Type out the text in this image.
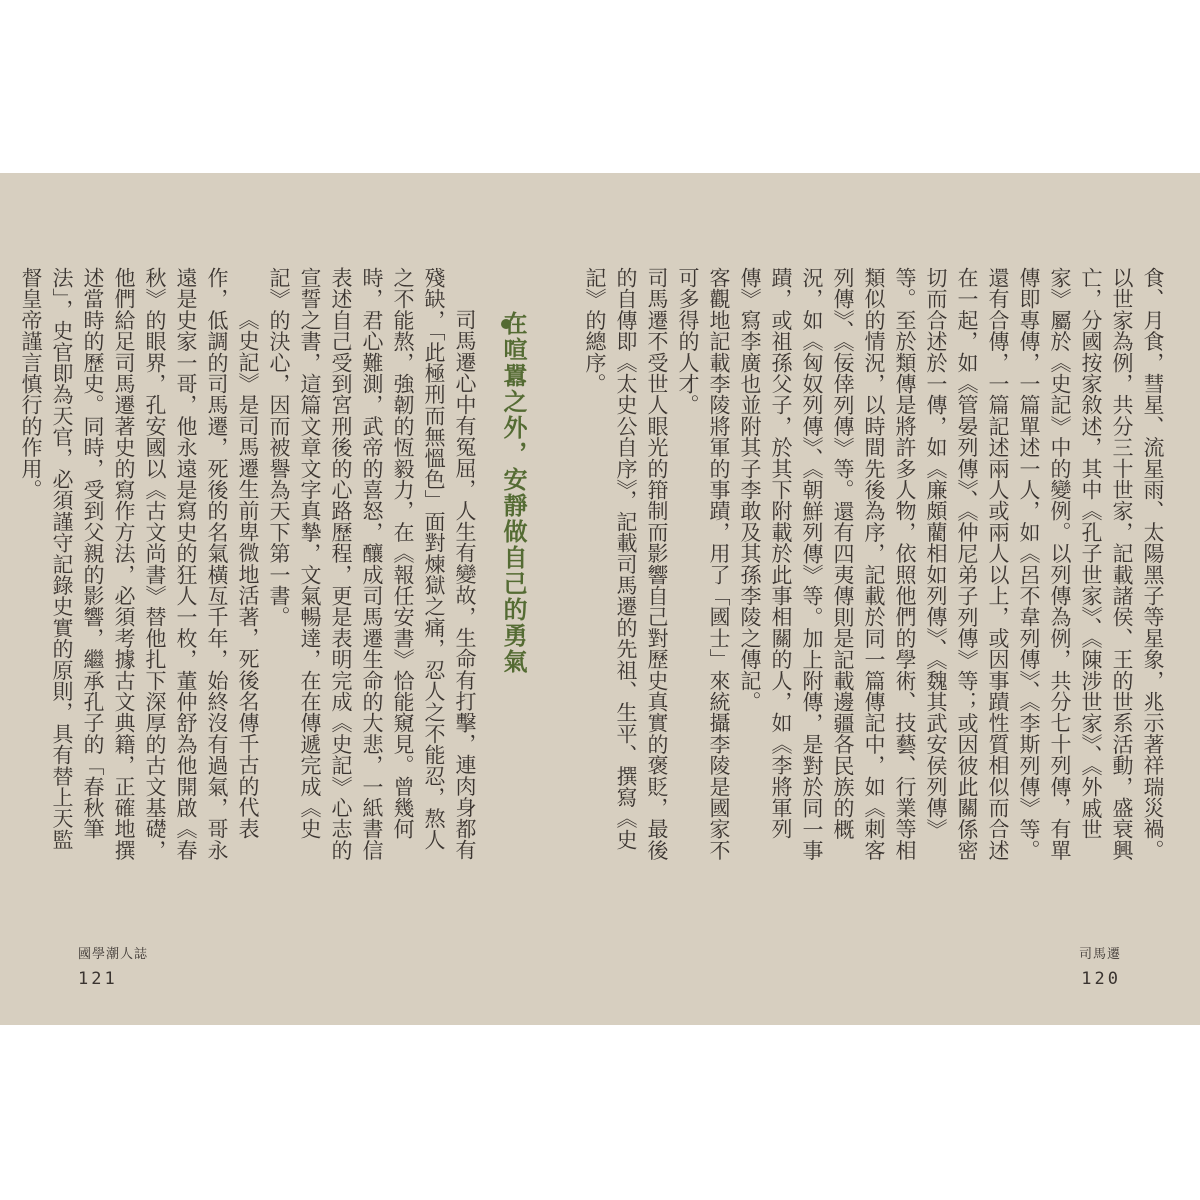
在喧囂之外，安靜做自己的勇氣

司馬遷心中有冤屈，人生有變故，生命有打擊，連肉身都有殘缺，「此極刑而無慍色」面對煉獄之痛，忍人之不能忍，熬人之不能熬，強韌的恆毅力，在《報任安書》恰能窺見。曾幾何時，君心難測，武帝的喜怒，釀成司馬遷生命的大悲，一紙書信表述自己受到宮刑後的心路歷程，更是表明完成《史記》心志的宣誓之書，這篇文章文字真摯，文氣暢達，在在傳遞完成《史記》的決心，因而被譽為天下第一書。

《史記》是司馬遷生前卑微地活著，死後名傳千古的代表作，低調的司馬遷，死後的名氣橫亙千年，始終沒有過氣，哥永遠是史家一哥，他永遠是寫史的狂人一枚，董仲舒為他開啟《春秋》的眼界，孔安國以《古文尚書》替他扎下深厚的古文基礎，他們給足司馬遷著史的寫作方法，必須考據古文典籍，正確地撰述當時的歷史。同時，受到父親的影響，繼承孔子的「春秋筆法」，史官即為天官，必須謹守記錄史實的原則，具有替上天監督皇帝謹言慎行的作用。

國學潮人誌
121

食、月食，彗星、流星雨、太陽黑子等星象，兆示著祥瑞災禍。以世家為例，共分三十世家，記載諸侯、王的世系活動，盛衰興亡，分國按家敘述，其中《孔子世家》、《陳涉世家》、《外戚世家》屬於《史記》中的變例。以列傳為例，共分七十列傳，有單傳即專傳，一篇單述一人，如《呂不韋列傳》、《李斯列傳》等。還有合傳，一篇記述兩人或兩人以上，或因事蹟性質相似而合述在一起，如《管晏列傳》、《仲尼弟子列傳》等；或因彼此關係密切而合述於一傳，如《廉頗藺相如列傳》、《魏其武安侯列傳》等。至於類傳是將許多人物，依照他們的學術、技藝、行業等相類似的情況，以時間先後為序，記載於同一篇傳記中，如《刺客列傳》、《佞倖列傳》等。還有四夷傳則是記載邊疆各民族的概況，如《匈奴列傳》、《朝鮮列傳》等。加上附傳，是對於同一事蹟，或祖孫父子，於其下附載於此事相關的人，如《李將軍列傳》寫李廣也並附其子李敢及其孫李陵之傳記。

客觀地記載李陵將軍的事蹟，用了「國士」來統攝李陵是國家不可多得的人才。

司馬遷不受世人眼光的箝制而影響自己對歷史真實的褒貶，最後的自傳即《太史公自序》，記載司馬遷的先祖、生平、撰寫《史記》的總序。

司馬遷
120
